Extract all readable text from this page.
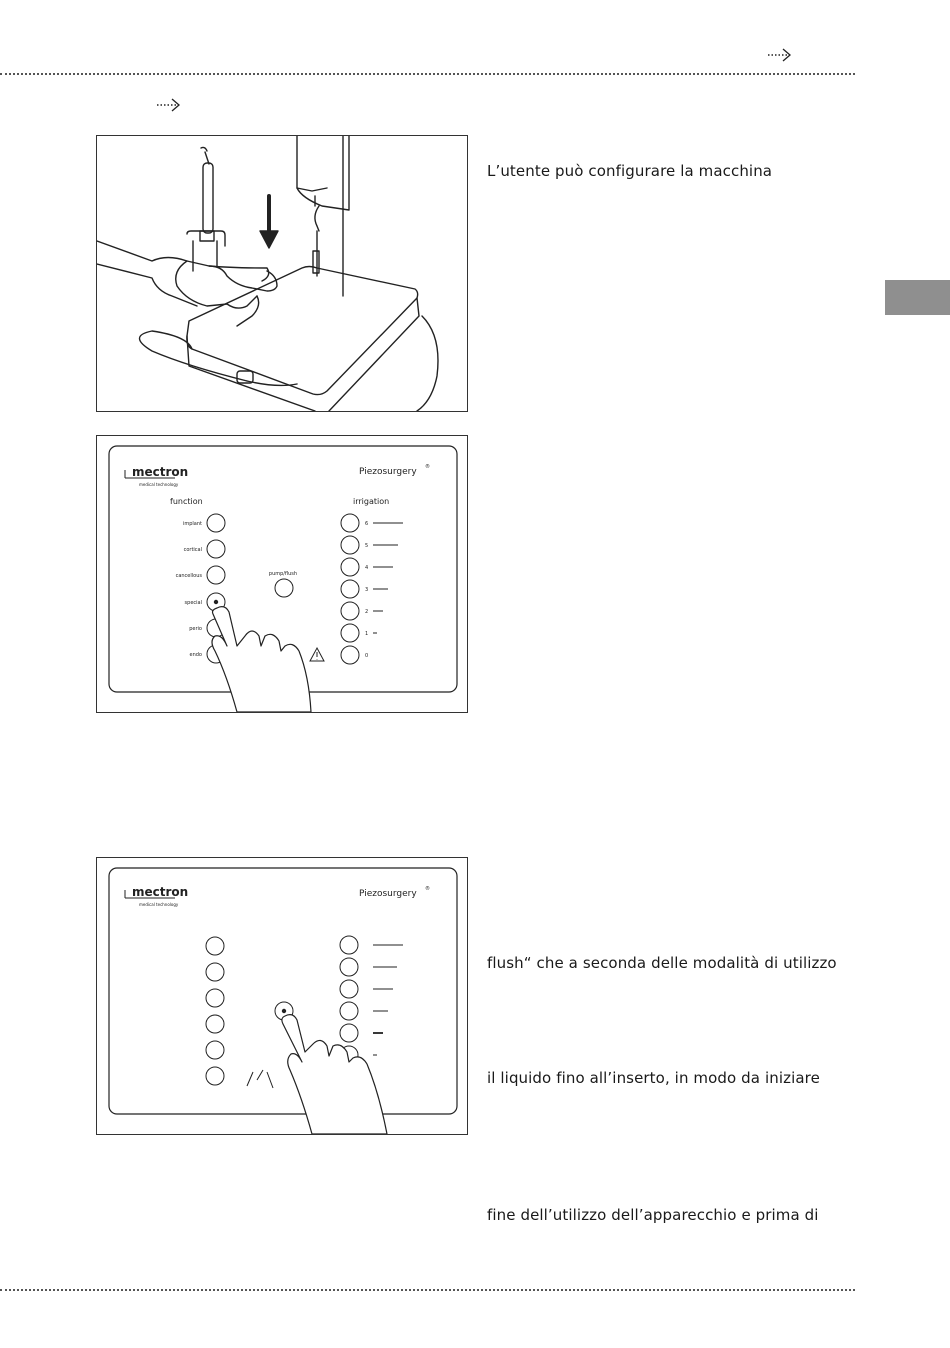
mectron
medical technology
Piezosurgery ®
function	irrigation
implant
cortical
cancellous
special
perio
endo
pump/flush
6
5
4
3
2
1
0
mectron
medical technology
Piezosurgery ®
L’utente può configurare la macchina
flush“ che a seconda delle modalità di utilizzo
il liquido fino all’inserto, in modo da iniziare
fine dell’utilizzo dell’apparecchio e prima di
